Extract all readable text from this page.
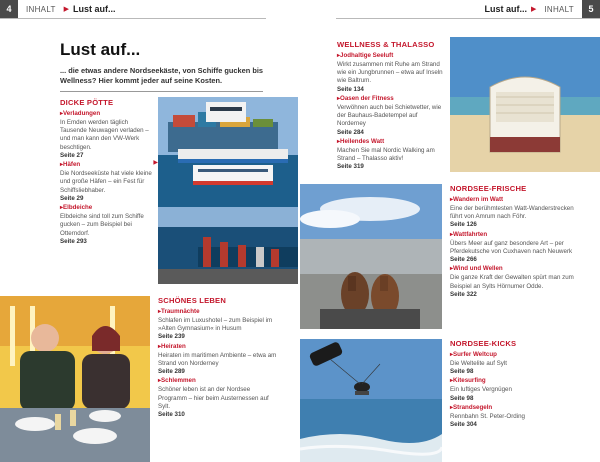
4	INHALT ▶ Lust auf...	Lust auf... ▶ INHALT	5
Lust auf...
... die etwas andere Nordseekäste, von Schiffe gucken bis Wellness? Hier kommt jeder auf seine Kosten.
DICKE PÖTTE
▸ Verladungen
In Emden werden täglich Tausende Neuwagen verladen – und man kann den VW-Werk beschtigen.
Seite 27
▶
▸ Häfen
Die Nordseeküste hat viele kleine und große Häfen – ein Fest für Schiffsliebhaber.
Seite 29
▸ Elbdeiche
Elbdeiche sind toll zum Schiffe gucken – zum Beispiel bei Otterndorf.
Seite 293
SCHÖNES LEBEN
▸ Traumnächte
Schlafen im Luxushotel – zum Beispiel im »Alten Gymnasium« in Husum
Seite 239
▸ Heiraten
Heiraten im maritimen Ambiente – etwa am Strand von Norderney
Seite 289
▸ Schlemmen
Schöner leben ist an der Nordsee Programm – hier beim Austernessen auf Sylt.
Seite 310
WELLNESS & THALASSO
▸ Jodhaltige Seeluft
Wirkt zusammen mit Ruhe am Strand wie ein Jungbrunnen – etwa auf Inseln wie Baltrum.
Seite 134
▸ Oasen der Fitness
Verwöhnen auch bei Schietwetter, wie der Bauhaus-Badetempel auf Norderney
Seite 284
▸ Heilendes Watt
Machen Sie mal Nordic Walking am Strand – Thalasso aktiv!
Seite 319
NORDSEE-FRISCHE
▸ Wandern im Watt
Eine der berühmtesten Watt-Wanderstrecken führt von Amrum nach Föhr.
Seite 126
▸ Wattfahrten
Übers Meer auf ganz besondere Art – per Pferdekutsche von Cuxhaven nach Neuwerk
Seite 266
▸ Wind und Wellen
Die ganze Kraft der Gewalten spürt man zum Beispiel an Sylts Hörnumer Odde.
Seite 322
NORDSEE-KICKS
▸ Surfer Weltcup
Die Weltelite auf Sylt
Seite 98
▸ Kitesurfing
Ein luftiges Vergnügen
Seite 98
▸ Strandsegeln
Rennbahn St. Peter-Ording
Seite 304
